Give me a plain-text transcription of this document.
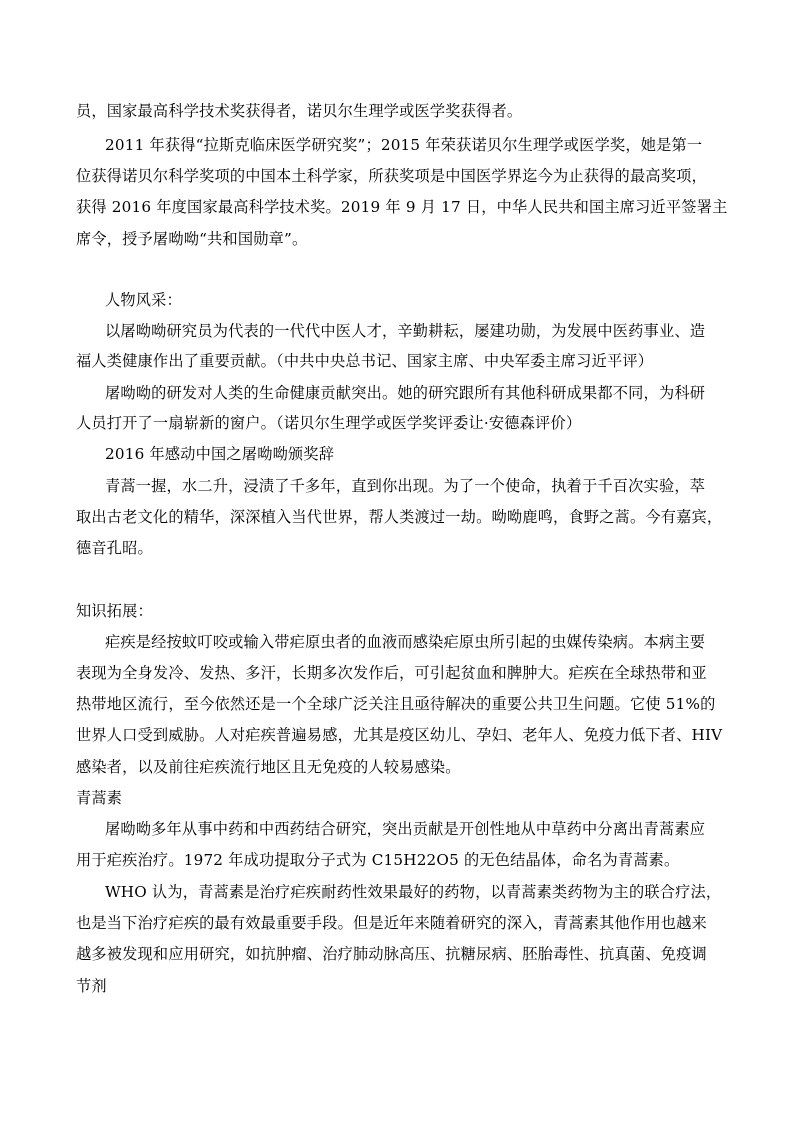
员，国家最高科学技术奖获得者，诺贝尔生理学或医学奖获得者。
2011 年获得“拉斯克临床医学研究奖”；2015 年荣获诺贝尔生理学或医学奖，她是第一
位获得诺贝尔科学奖项的中国本土科学家，所获奖项是中国医学界迄今为止获得的最高奖项，
获得 2016 年度国家最高科学技术奖。2019 年 9 月 17 日，中华人民共和国主席习近平签署主
席令，授予屠呦呦“共和国勋章”。
人物风采：
以屠呦呦研究员为代表的一代代中医人才，辛勤耕耘，屡建功勋，为发展中医药事业、造
福人类健康作出了重要贡献。（中共中央总书记、国家主席、中央军委主席习近平评）
屠呦呦的研发对人类的生命健康贡献突出。她的研究跟所有其他科研成果都不同，为科研
人员打开了一扇崭新的窗户。（诺贝尔生理学或医学奖评委让·安德森评价）
2016 年感动中国之屠呦呦颁奖辞
青蒿一握，水二升，浸渍了千多年，直到你出现。为了一个使命，执着于千百次实验，萃
取出古老文化的精华，深深植入当代世界，帮人类渡过一劫。呦呦鹿鸣，食野之蒿。今有嘉宾，
德音孔昭。
知识拓展：
疟疾是经按蚊叮咬或输入带疟原虫者的血液而感染疟原虫所引起的虫媒传染病。本病主要
表现为全身发冷、发热、多汗，长期多次发作后，可引起贫血和脾肿大。疟疾在全球热带和亚
热带地区流行，至今依然还是一个全球广泛关注且亟待解决的重要公共卫生问题。它使 51%的
世界人口受到威胁。人对疟疾普遍易感，尤其是疫区幼儿、孕妇、老年人、免疫力低下者、HIV
感染者，以及前往疟疾流行地区且无免疫的人较易感染。
青蒿素
屠呦呦多年从事中药和中西药结合研究，突出贡献是开创性地从中草药中分离出青蒿素应
用于疟疾治疗。1972 年成功提取分子式为 C15H22O5 的无色结晶体，命名为青蒿素。
WHO 认为，青蒿素是治疗疟疾耐药性效果最好的药物，以青蒿素类药物为主的联合疗法，
也是当下治疗疟疾的最有效最重要手段。但是近年来随着研究的深入，青蒿素其他作用也越来
越多被发现和应用研究，如抗肿瘤、治疗肺动脉高压、抗糖尿病、胚胎毒性、抗真菌、免疫调
节剂
